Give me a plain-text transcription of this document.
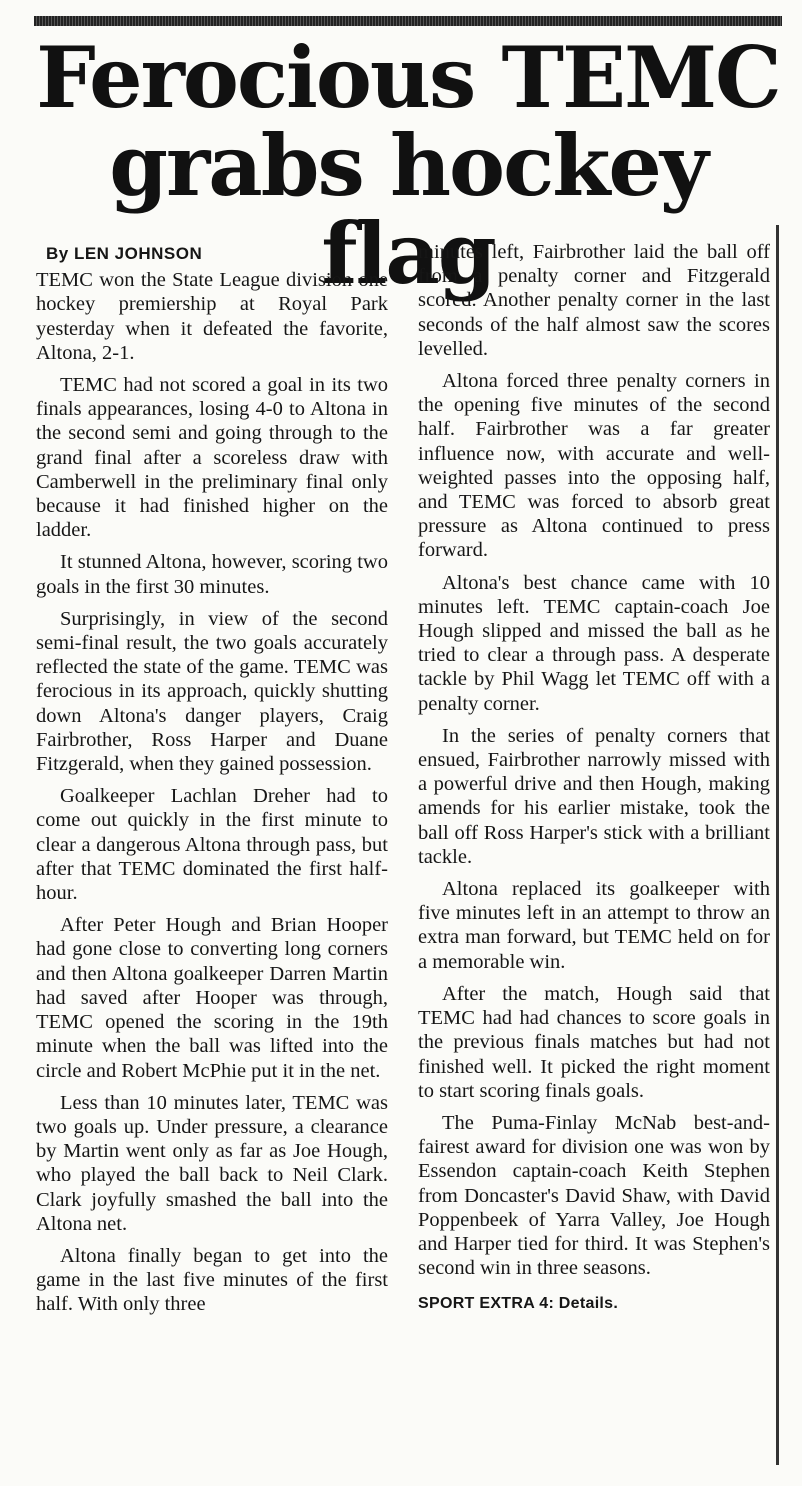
Ferocious TEMC
grabs hockey flag
By LEN JOHNSON

TEMC won the State League division one hockey premiership at Royal Park yesterday when it defeated the favorite, Altona, 2-1.

TEMC had not scored a goal in its two finals appearances, losing 4-0 to Altona in the second semi and going through to the grand final after a scoreless draw with Camberwell in the preliminary final only because it had finished higher on the ladder.

It stunned Altona, however, scoring two goals in the first 30 minutes.

Surprisingly, in view of the second semi-final result, the two goals accurately reflected the state of the game. TEMC was ferocious in its approach, quickly shutting down Altona's danger players, Craig Fairbrother, Ross Harper and Duane Fitzgerald, when they gained possession.

Goalkeeper Lachlan Dreher had to come out quickly in the first minute to clear a dangerous Altona through pass, but after that TEMC dominated the first half-hour.

After Peter Hough and Brian Hooper had gone close to converting long corners and then Altona goalkeeper Darren Martin had saved after Hooper was through, TEMC opened the scoring in the 19th minute when the ball was lifted into the circle and Robert McPhie put it in the net.

Less than 10 minutes later, TEMC was two goals up. Under pressure, a clearance by Martin went only as far as Joe Hough, who played the ball back to Neil Clark. Clark joyfully smashed the ball into the Altona net.

Altona finally began to get into the game in the last five minutes of the first half. With only three

minutes left, Fairbrother laid the ball off from a penalty corner and Fitzgerald scored. Another penalty corner in the last seconds of the half almost saw the scores levelled.

Altona forced three penalty corners in the opening five minutes of the second half. Fairbrother was a far greater influence now, with accurate and well-weighted passes into the opposing half, and TEMC was forced to absorb great pressure as Altona continued to press forward.

Altona's best chance came with 10 minutes left. TEMC captain-coach Joe Hough slipped and missed the ball as he tried to clear a through pass. A desperate tackle by Phil Wagg let TEMC off with a penalty corner.

In the series of penalty corners that ensued, Fairbrother narrowly missed with a powerful drive and then Hough, making amends for his earlier mistake, took the ball off Ross Harper's stick with a brilliant tackle.

Altona replaced its goalkeeper with five minutes left in an attempt to throw an extra man forward, but TEMC held on for a memorable win.

After the match, Hough said that TEMC had had chances to score goals in the previous finals matches but had not finished well. It picked the right moment to start scoring finals goals.

The Puma-Finlay McNab best-and-fairest award for division one was won by Essendon captain-coach Keith Stephen from Doncaster's David Shaw, with David Poppenbeek of Yarra Valley, Joe Hough and Harper tied for third. It was Stephen's second win in three seasons.

SPORT EXTRA 4: Details.
